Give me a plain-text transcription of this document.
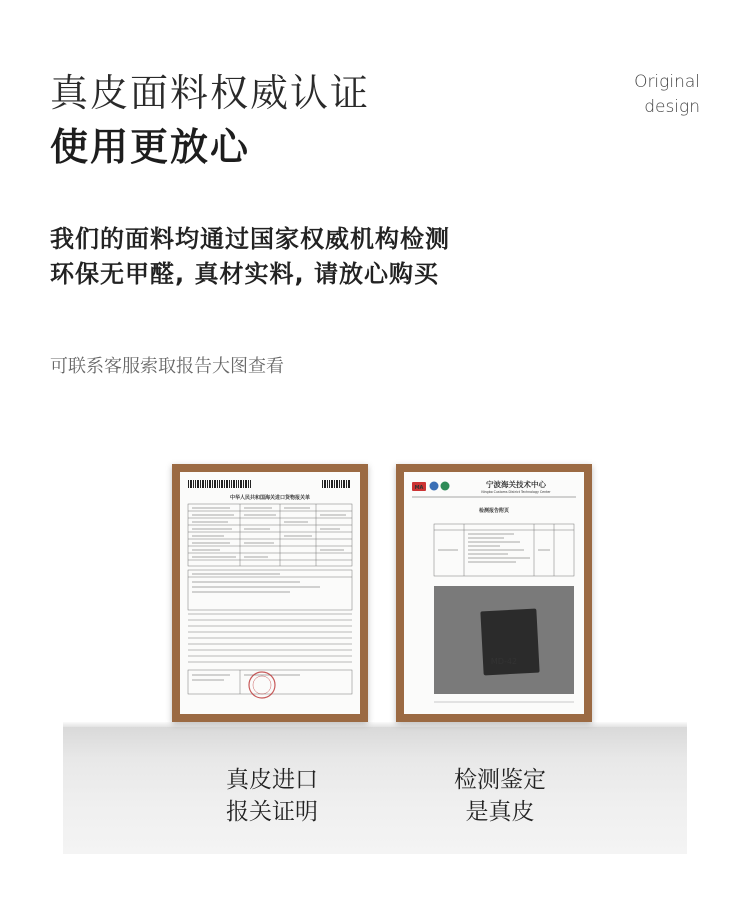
真皮面料权威认证
使用更放心
Original
design
我们的面料均通过国家权威机构检测
环保无甲醛, 真材实料, 请放心购买
可联系客服索取报告大图查看
中华人民共和国海关进口货物报关单
MA	宁波海关技术中心
Ningbo Customs District Technology Center
检测报告附页
MD-42
真皮进口
报关证明
检测鉴定
是真皮
